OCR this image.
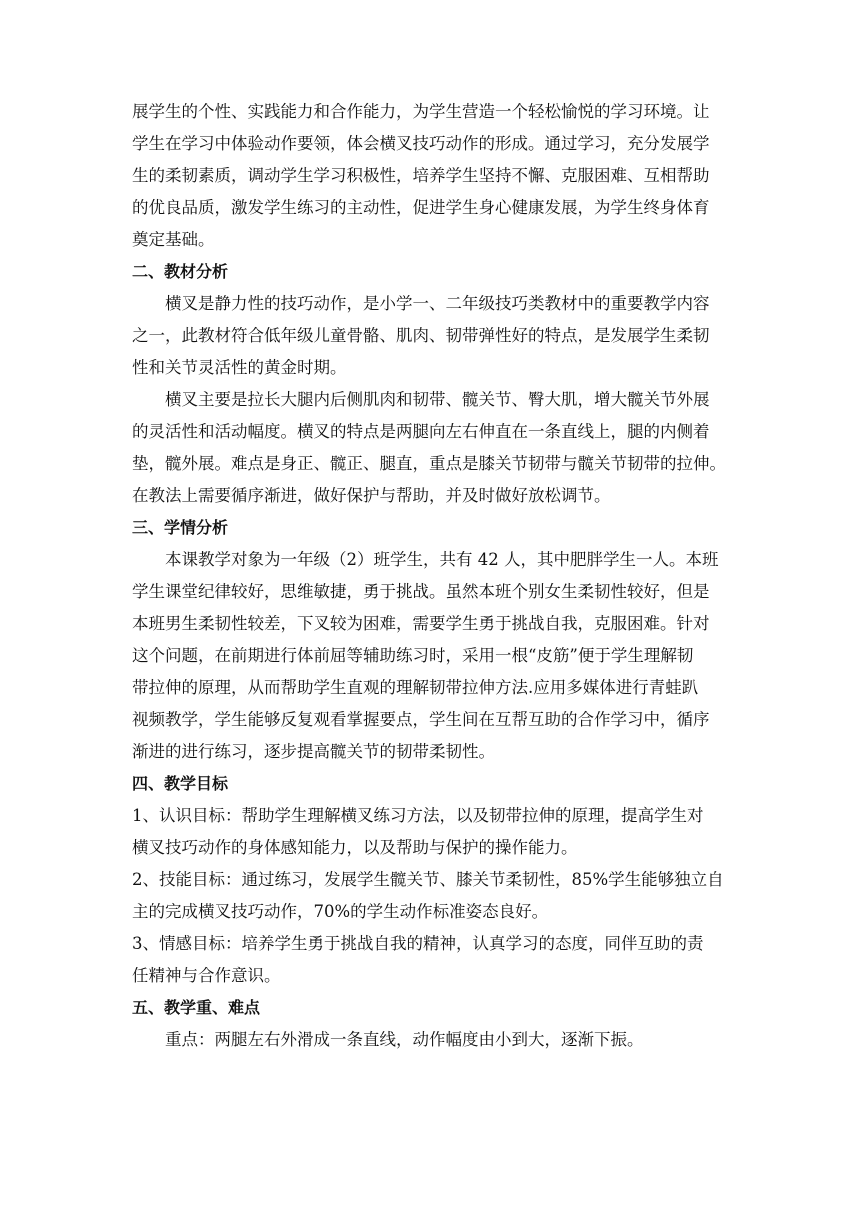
展学生的个性、实践能力和合作能力，为学生营造一个轻松愉悦的学习环境。让
学生在学习中体验动作要领，体会横叉技巧动作的形成。通过学习，充分发展学
生的柔韧素质，调动学生学习积极性，培养学生坚持不懈、克服困难、互相帮助
的优良品质，激发学生练习的主动性，促进学生身心健康发展，为学生终身体育
奠定基础。

二、教材分析

横叉是静力性的技巧动作，是小学一、二年级技巧类教材中的重要教学内容
之一，此教材符合低年级儿童骨骼、肌肉、韧带弹性好的特点，是发展学生柔韧
性和关节灵活性的黄金时期。

横叉主要是拉长大腿内后侧肌肉和韧带、髋关节、臀大肌，增大髋关节外展
的灵活性和活动幅度。横叉的特点是两腿向左右伸直在一条直线上，腿的内侧着
垫，髋外展。难点是身正、髋正、腿直，重点是膝关节韧带与髋关节韧带的拉伸。
在教法上需要循序渐进，做好保护与帮助，并及时做好放松调节。

三、学情分析

本课教学对象为一年级（2）班学生，共有 42 人，其中肥胖学生一人。本班
学生课堂纪律较好，思维敏捷，勇于挑战。虽然本班个别女生柔韧性较好，但是
本班男生柔韧性较差，下叉较为困难，需要学生勇于挑战自我，克服困难。针对
这个问题，在前期进行体前屈等辅助练习时，采用一根“皮筋”便于学生理解韧
带拉伸的原理，从而帮助学生直观的理解韧带拉伸方法.应用多媒体进行青蛙趴
视频教学，学生能够反复观看掌握要点，学生间在互帮互助的合作学习中，循序
渐进的进行练习，逐步提高髋关节的韧带柔韧性。

四、教学目标

1、认识目标：帮助学生理解横叉练习方法，以及韧带拉伸的原理，提高学生对
横叉技巧动作的身体感知能力，以及帮助与保护的操作能力。

2、技能目标：通过练习，发展学生髋关节、膝关节柔韧性，85%学生能够独立自
主的完成横叉技巧动作，70%的学生动作标准姿态良好。

3、情感目标：培养学生勇于挑战自我的精神，认真学习的态度，同伴互助的责
任精神与合作意识。

五、教学重、难点

重点：两腿左右外滑成一条直线，动作幅度由小到大，逐渐下振。
